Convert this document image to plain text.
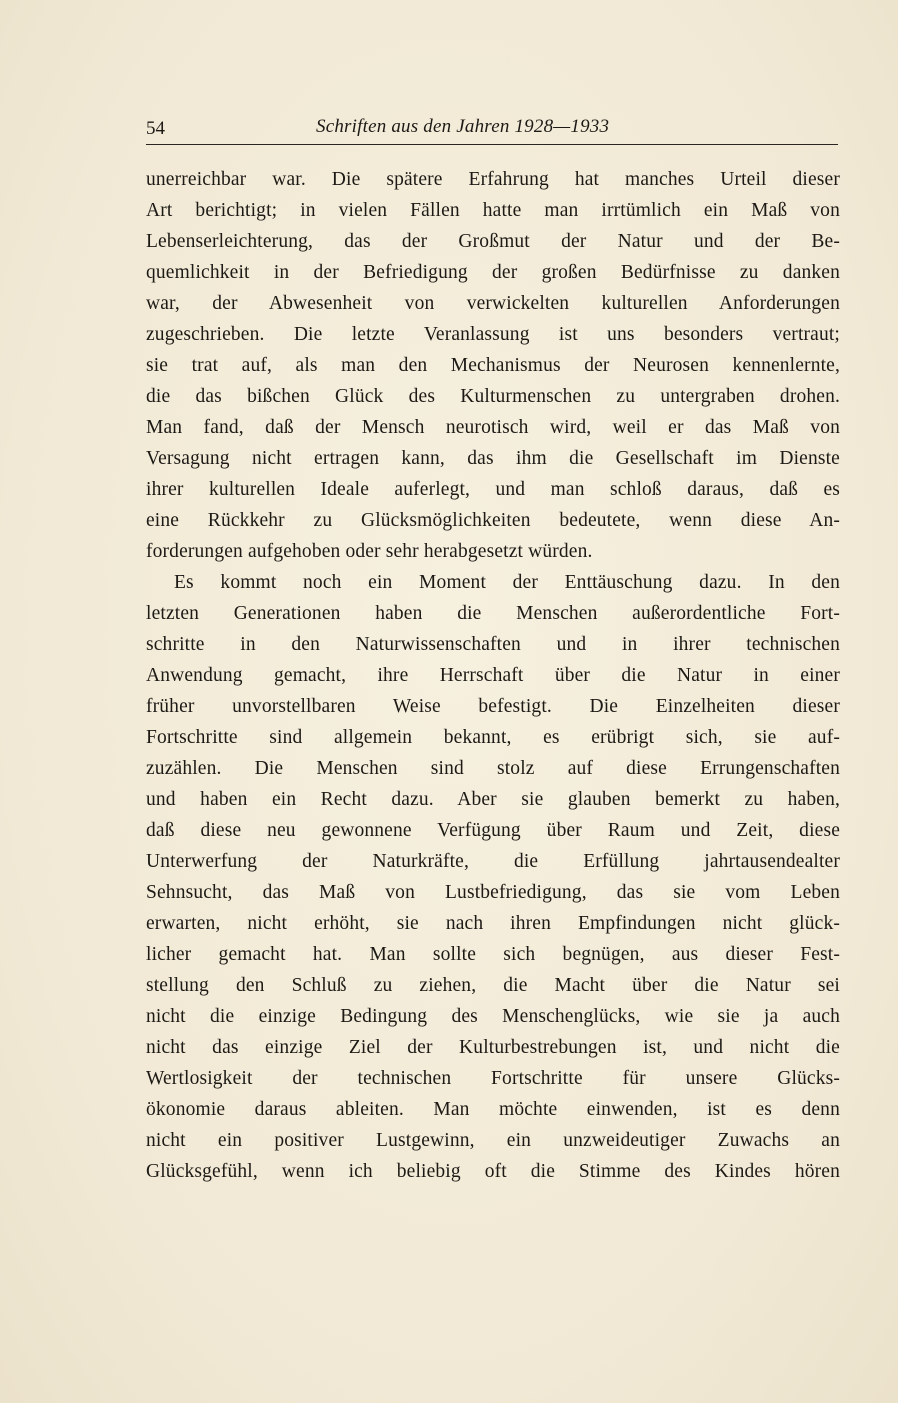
54	Schriften aus den Jahren 1928—1933
unerreichbar war. Die spätere Erfahrung hat manches Urteil dieser
Art berichtigt; in vielen Fällen hatte man irrtümlich ein Maß von
Lebenserleichterung, das der Großmut der Natur und der Be-
quemlichkeit in der Befriedigung der großen Bedürfnisse zu danken
war, der Abwesenheit von verwickelten kulturellen Anforderungen
zugeschrieben. Die letzte Veranlassung ist uns besonders vertraut;
sie trat auf, als man den Mechanismus der Neurosen kennenlernte,
die das bißchen Glück des Kulturmenschen zu untergraben drohen.
Man fand, daß der Mensch neurotisch wird, weil er das Maß von
Versagung nicht ertragen kann, das ihm die Gesellschaft im Dienste
ihrer kulturellen Ideale auferlegt, und man schloß daraus, daß es
eine Rückkehr zu Glücksmöglichkeiten bedeutete, wenn diese An-
forderungen aufgehoben oder sehr herabgesetzt würden.
Es kommt noch ein Moment der Enttäuschung dazu. In den
letzten Generationen haben die Menschen außerordentliche Fort-
schritte in den Naturwissenschaften und in ihrer technischen
Anwendung gemacht, ihre Herrschaft über die Natur in einer
früher unvorstellbaren Weise befestigt. Die Einzelheiten dieser
Fortschritte sind allgemein bekannt, es erübrigt sich, sie auf-
zuzählen. Die Menschen sind stolz auf diese Errungenschaften
und haben ein Recht dazu. Aber sie glauben bemerkt zu haben,
daß diese neu gewonnene Verfügung über Raum und Zeit, diese
Unterwerfung der Naturkräfte, die Erfüllung jahrtausendealter
Sehnsucht, das Maß von Lustbefriedigung, das sie vom Leben
erwarten, nicht erhöht, sie nach ihren Empfindungen nicht glück-
licher gemacht hat. Man sollte sich begnügen, aus dieser Fest-
stellung den Schluß zu ziehen, die Macht über die Natur sei
nicht die einzige Bedingung des Menschenglücks, wie sie ja auch
nicht das einzige Ziel der Kulturbestrebungen ist, und nicht die
Wertlosigkeit der technischen Fortschritte für unsere Glücks-
ökonomie daraus ableiten. Man möchte einwenden, ist es denn
nicht ein positiver Lustgewinn, ein unzweideutiger Zuwachs an
Glücksgefühl, wenn ich beliebig oft die Stimme des Kindes hören
